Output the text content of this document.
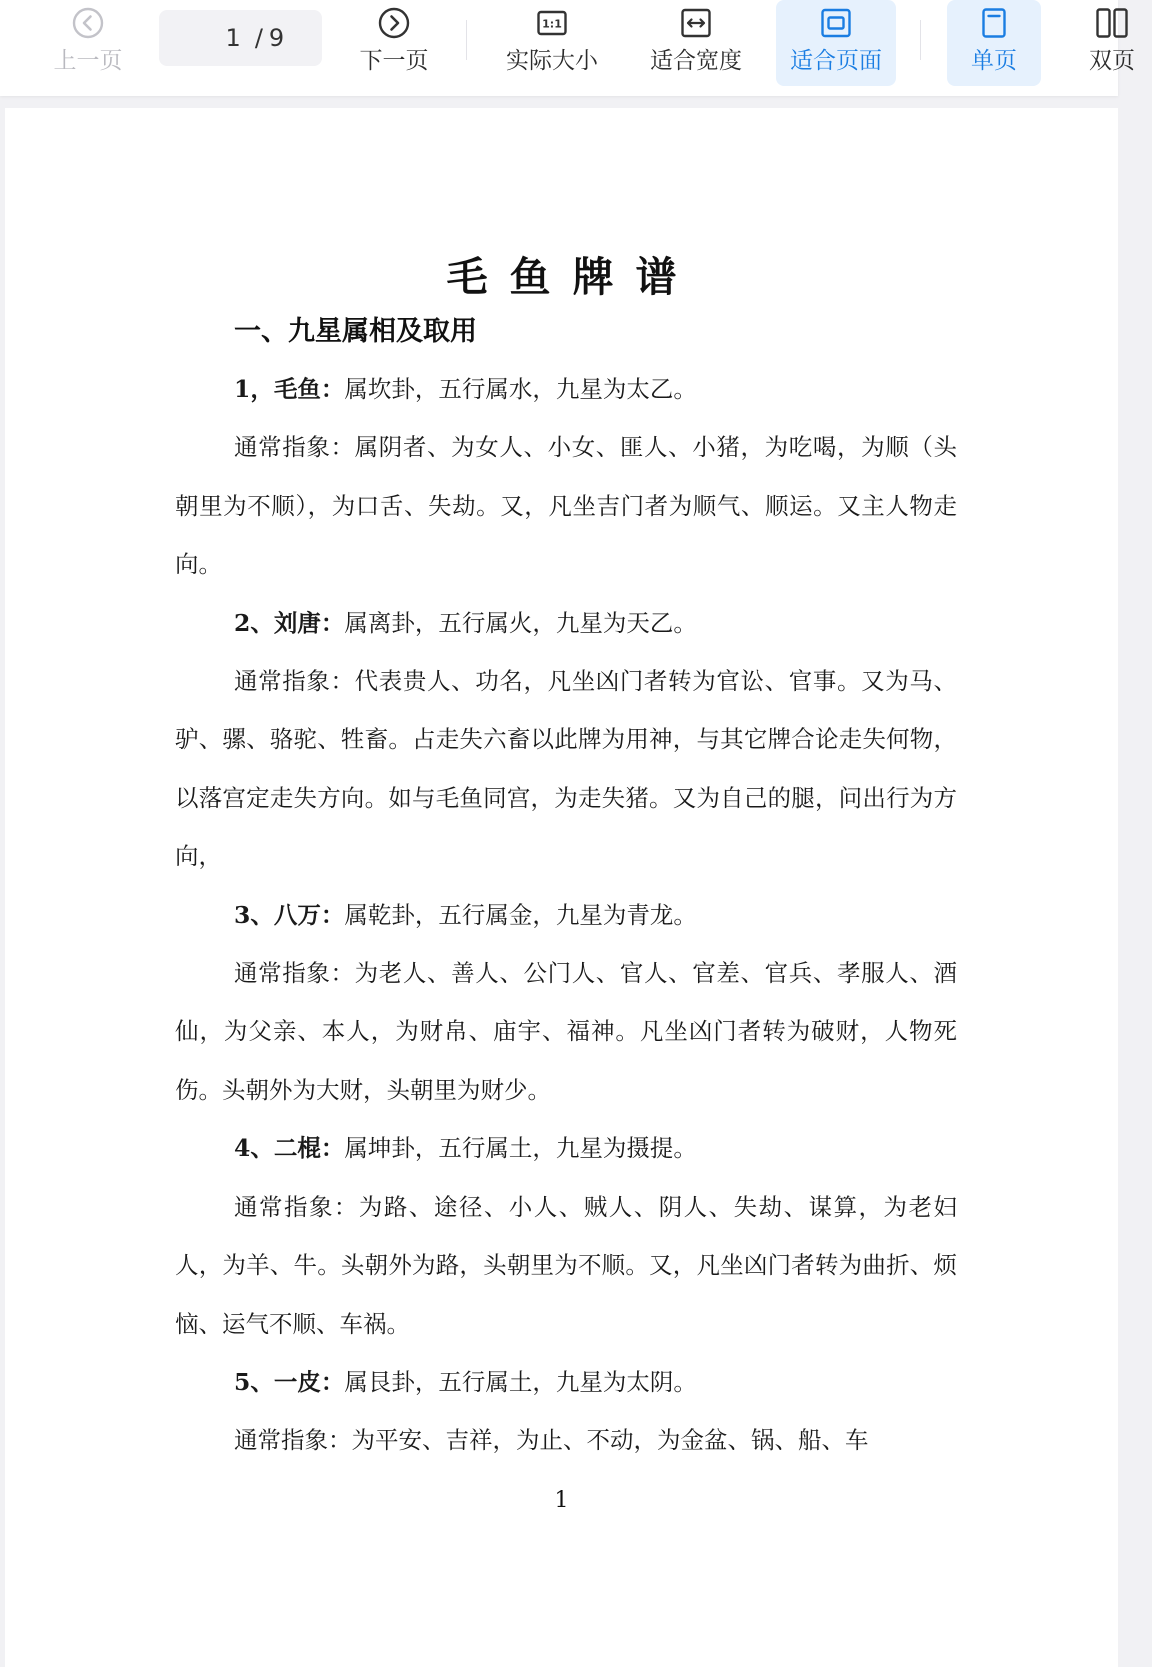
上一页
1
/ 9
下一页
1:1
实际大小	适合宽度	适合页面	单页	双页
毛鱼牌谱
一、九星属相及取用

1，毛鱼：属坎卦，五行属水，九星为太乙。

通常指象：属阴者、为女人、小女、匪人、小猪，为吃喝，为顺（头朝里为不顺），为口舌、失劫。又，凡坐吉门者为顺气、顺运。又主人物走向。

2、刘唐：属离卦，五行属火，九星为天乙。

通常指象：代表贵人、功名，凡坐凶门者转为官讼、官事。又为马、驴、骡、骆驼、牲畜。占走失六畜以此牌为用神，与其它牌合论走失何物，以落宫定走失方向。如与毛鱼同宫，为走失猪。又为自己的腿，问出行为方向，

3、八万：属乾卦，五行属金，九星为青龙。

通常指象：为老人、善人、公门人、官人、官差、官兵、孝服人、酒仙，为父亲、本人，为财帛、庙宇、福神。凡坐凶门者转为破财，人物死伤。头朝外为大财，头朝里为财少。

4、二棍：属坤卦，五行属土，九星为摄提。

通常指象：为路、途径、小人、贼人、阴人、失劫、谋算，为老妇人，为羊、牛。头朝外为路，头朝里为不顺。又，凡坐凶门者转为曲折、烦恼、运气不顺、车祸。

5、一皮：属艮卦，五行属土，九星为太阴。

通常指象：为平安、吉祥，为止、不动，为金盆、锅、船、车

1
